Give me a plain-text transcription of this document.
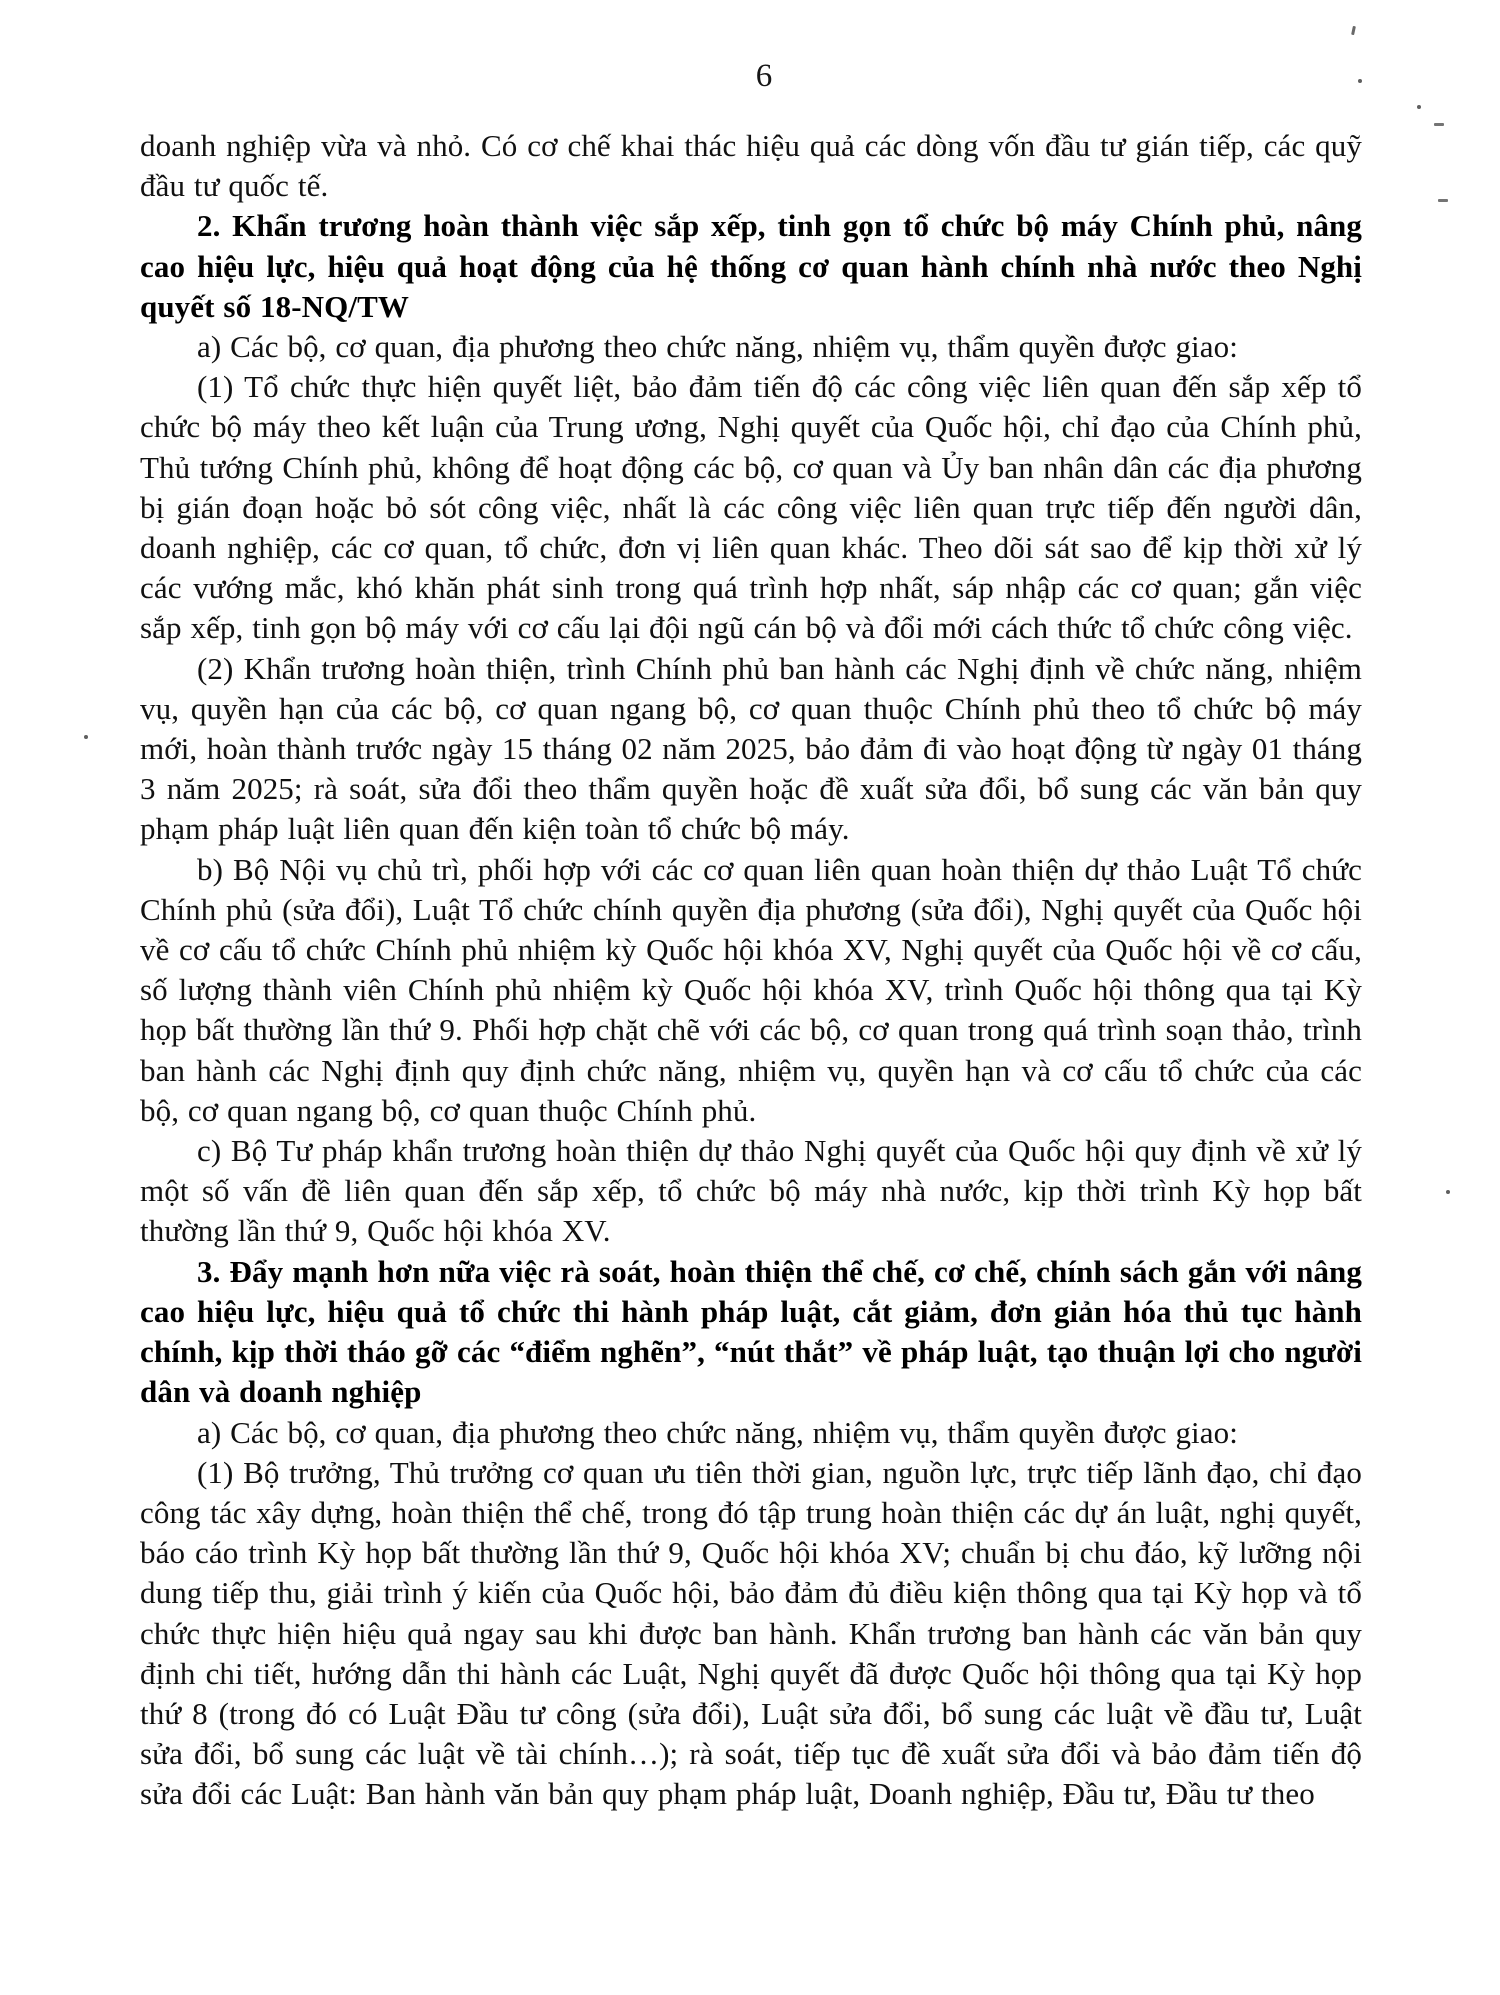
6

doanh nghiệp vừa và nhỏ. Có cơ chế khai thác hiệu quả các dòng vốn đầu tư gián tiếp, các quỹ đầu tư quốc tế.

2. Khẩn trương hoàn thành việc sắp xếp, tinh gọn tổ chức bộ máy Chính phủ, nâng cao hiệu lực, hiệu quả hoạt động của hệ thống cơ quan hành chính nhà nước theo Nghị quyết số 18-NQ/TW

a) Các bộ, cơ quan, địa phương theo chức năng, nhiệm vụ, thẩm quyền được giao:

(1) Tổ chức thực hiện quyết liệt, bảo đảm tiến độ các công việc liên quan đến sắp xếp tổ chức bộ máy theo kết luận của Trung ương, Nghị quyết của Quốc hội, chỉ đạo của Chính phủ, Thủ tướng Chính phủ, không để hoạt động các bộ, cơ quan và Ủy ban nhân dân các địa phương bị gián đoạn hoặc bỏ sót công việc, nhất là các công việc liên quan trực tiếp đến người dân, doanh nghiệp, các cơ quan, tổ chức, đơn vị liên quan khác. Theo dõi sát sao để kịp thời xử lý các vướng mắc, khó khăn phát sinh trong quá trình hợp nhất, sáp nhập các cơ quan; gắn việc sắp xếp, tinh gọn bộ máy với cơ cấu lại đội ngũ cán bộ và đổi mới cách thức tổ chức công việc.

(2) Khẩn trương hoàn thiện, trình Chính phủ ban hành các Nghị định về chức năng, nhiệm vụ, quyền hạn của các bộ, cơ quan ngang bộ, cơ quan thuộc Chính phủ theo tổ chức bộ máy mới, hoàn thành trước ngày 15 tháng 02 năm 2025, bảo đảm đi vào hoạt động từ ngày 01 tháng 3 năm 2025; rà soát, sửa đổi theo thẩm quyền hoặc đề xuất sửa đổi, bổ sung các văn bản quy phạm pháp luật liên quan đến kiện toàn tổ chức bộ máy.

b) Bộ Nội vụ chủ trì, phối hợp với các cơ quan liên quan hoàn thiện dự thảo Luật Tổ chức Chính phủ (sửa đổi), Luật Tổ chức chính quyền địa phương (sửa đổi), Nghị quyết của Quốc hội về cơ cấu tổ chức Chính phủ nhiệm kỳ Quốc hội khóa XV, Nghị quyết của Quốc hội về cơ cấu, số lượng thành viên Chính phủ nhiệm kỳ Quốc hội khóa XV, trình Quốc hội thông qua tại Kỳ họp bất thường lần thứ 9. Phối hợp chặt chẽ với các bộ, cơ quan trong quá trình soạn thảo, trình ban hành các Nghị định quy định chức năng, nhiệm vụ, quyền hạn và cơ cấu tổ chức của các bộ, cơ quan ngang bộ, cơ quan thuộc Chính phủ.

c) Bộ Tư pháp khẩn trương hoàn thiện dự thảo Nghị quyết của Quốc hội quy định về xử lý một số vấn đề liên quan đến sắp xếp, tổ chức bộ máy nhà nước, kịp thời trình Kỳ họp bất thường lần thứ 9, Quốc hội khóa XV.

3. Đẩy mạnh hơn nữa việc rà soát, hoàn thiện thể chế, cơ chế, chính sách gắn với nâng cao hiệu lực, hiệu quả tổ chức thi hành pháp luật, cắt giảm, đơn giản hóa thủ tục hành chính, kịp thời tháo gỡ các “điểm nghẽn”, “nút thắt” về pháp luật, tạo thuận lợi cho người dân và doanh nghiệp

a) Các bộ, cơ quan, địa phương theo chức năng, nhiệm vụ, thẩm quyền được giao:

(1) Bộ trưởng, Thủ trưởng cơ quan ưu tiên thời gian, nguồn lực, trực tiếp lãnh đạo, chỉ đạo công tác xây dựng, hoàn thiện thể chế, trong đó tập trung hoàn thiện các dự án luật, nghị quyết, báo cáo trình Kỳ họp bất thường lần thứ 9, Quốc hội khóa XV; chuẩn bị chu đáo, kỹ lưỡng nội dung tiếp thu, giải trình ý kiến của Quốc hội, bảo đảm đủ điều kiện thông qua tại Kỳ họp và tổ chức thực hiện hiệu quả ngay sau khi được ban hành. Khẩn trương ban hành các văn bản quy định chi tiết, hướng dẫn thi hành các Luật, Nghị quyết đã được Quốc hội thông qua tại Kỳ họp thứ 8 (trong đó có Luật Đầu tư công (sửa đổi), Luật sửa đổi, bổ sung các luật về đầu tư, Luật sửa đổi, bổ sung các luật về tài chính…); rà soát, tiếp tục đề xuất sửa đổi và bảo đảm tiến độ sửa đổi các Luật: Ban hành văn bản quy phạm pháp luật, Doanh nghiệp, Đầu tư, Đầu tư theo
